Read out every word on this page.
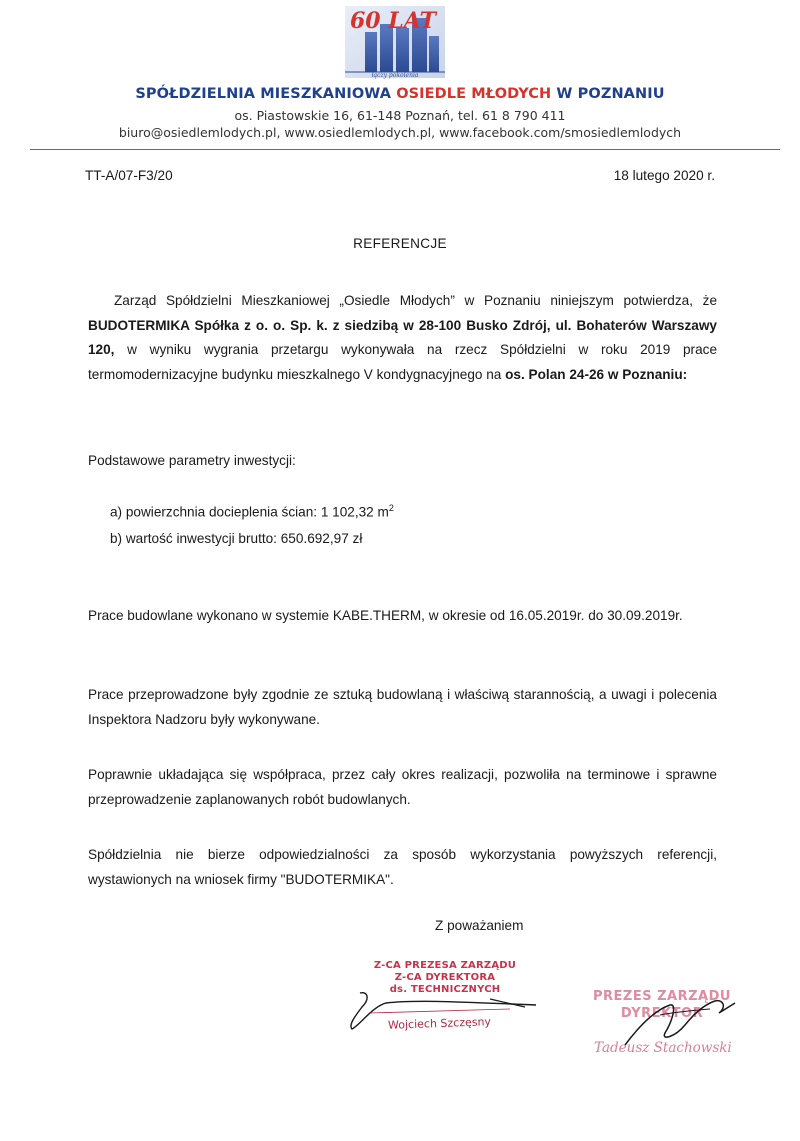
60 LAT
łączy pokolenia
SPÓŁDZIELNIA MIESZKANIOWA OSIEDLE MŁODYCH W POZNANIU
os. Piastowskie 16, 61-148 Poznań, tel. 61 8 790 411
biuro@osiedlemlodych.pl, www.osiedlemlodych.pl, www.facebook.com/smosiedlemlodych
TT-A/07-F3/20	18 lutego 2020 r.
REFERENCJE
Zarząd Spółdzielni Mieszkaniowej „Osiedle Młodych” w Poznaniu niniejszym potwierdza, że BUDOTERMIKA Spółka z o. o. Sp. k. z siedzibą w 28-100 Busko Zdrój, ul. Bohaterów Warszawy 120, w wyniku wygrania przetargu wykonywała na rzecz Spółdzielni w roku 2019 prace termomodernizacyjne budynku mieszkalnego V kondygnacyjnego na os. Polan 24-26 w Poznaniu:
Podstawowe parametry inwestycji:
a) powierzchnia docieplenia ścian: 1 102,32 $m^2$
b) wartość inwestycji brutto: 650.692,97 zł
Prace budowlane wykonano w systemie KABE.THERM, w okresie od 16.05.2019r. do 30.09.2019r.
Prace przeprowadzone były zgodnie ze sztuką budowlaną i właściwą starannością, a uwagi i polecenia Inspektora Nadzoru były wykonywane.
Poprawnie układająca się współpraca, przez cały okres realizacji, pozwoliła na terminowe i sprawne przeprowadzenie zaplanowanych robót budowlanych.
Spółdzielnia nie bierze odpowiedzialności za sposób wykorzystania powyższych referencji, wystawionych na wniosek firmy "BUDOTERMIKA".
Z poważaniem
Z-CA PREZESA ZARZĄDU
Z-CA DYREKTORA
ds. TECHNICZNYCH
Wojciech Szczęsny
PREZES ZARZĄDU
DYREKTOR
Tadeusz Stachowski
